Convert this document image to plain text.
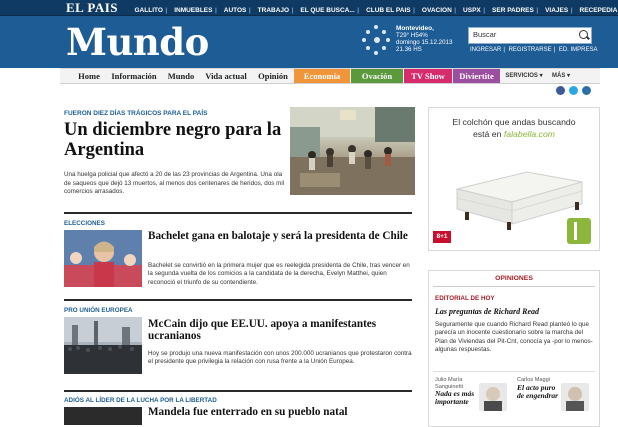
EL PAIS	GALLITO | INMUEBLES | AUTOS | TRABAJO | EL QUE BUSCA... | CLUB EL PAIS | OVACION | USPX | SER PADRES | VIAJES | RECEPEDIA
Mundo	Montevideo,
T29° H54%
domingo 15.12.2013
21.36 HS
Buscar
INGRESAR | REGISTRARSE | ED. IMPRESA
Home	Información	Mundo	Vida actual	Opinión	Economía	Ovación	TV Show	Diviertite	SERVICIOS ▾	MÁS ▾
FUERON DIEZ DÍAS TRÁGICOS PARA EL PAÍS
Un diciembre negro para la Argentina
Una huelga policial que afectó a 20 de las 23 provincias de Argentina. Una ola de saqueos que dejó 13 muertos, al menos dos centenares de heridos, dos mil comercios arrasados.
ELECCIONES
Bachelet gana en balotaje y será la presidenta de Chile
Bachelet se convirtió en la primera mujer que es reelegida presidenta de Chile, tras vencer en la segunda vuelta de los comicios a la candidata de la derecha, Evelyn Matthei, quien reconoció el triunfo de su contendiente.
PRO UNIÓN EUROPEA
McCain dijo que EE.UU. apoya a manifestantes ucranianos
Hoy se produjo una nueva manifestación con unos 200.000 ucranianos que protestaron contra el presidente que privilegia la relación con rusa frente a la Unión Europea.
ADIÓS AL LÍDER DE LA LUCHA POR LA LIBERTAD
Mandela fue enterrado en su pueblo natal
El colchón que andas buscando
está en falabella.com
8+1
OPINIONES
EDITORIAL DE HOY
Las preguntas de Richard Read
Seguramente que cuando Richard Read planteó lo que parecía un inocente cuestionario sobre la marcha del Plan de Viviendas del Pit-Cnt, conocía ya -por lo menos- algunas respuestas.
Julio María Sanguinetti
Nada es más importante
Carlos Maggi
El acto puro de engendrar
